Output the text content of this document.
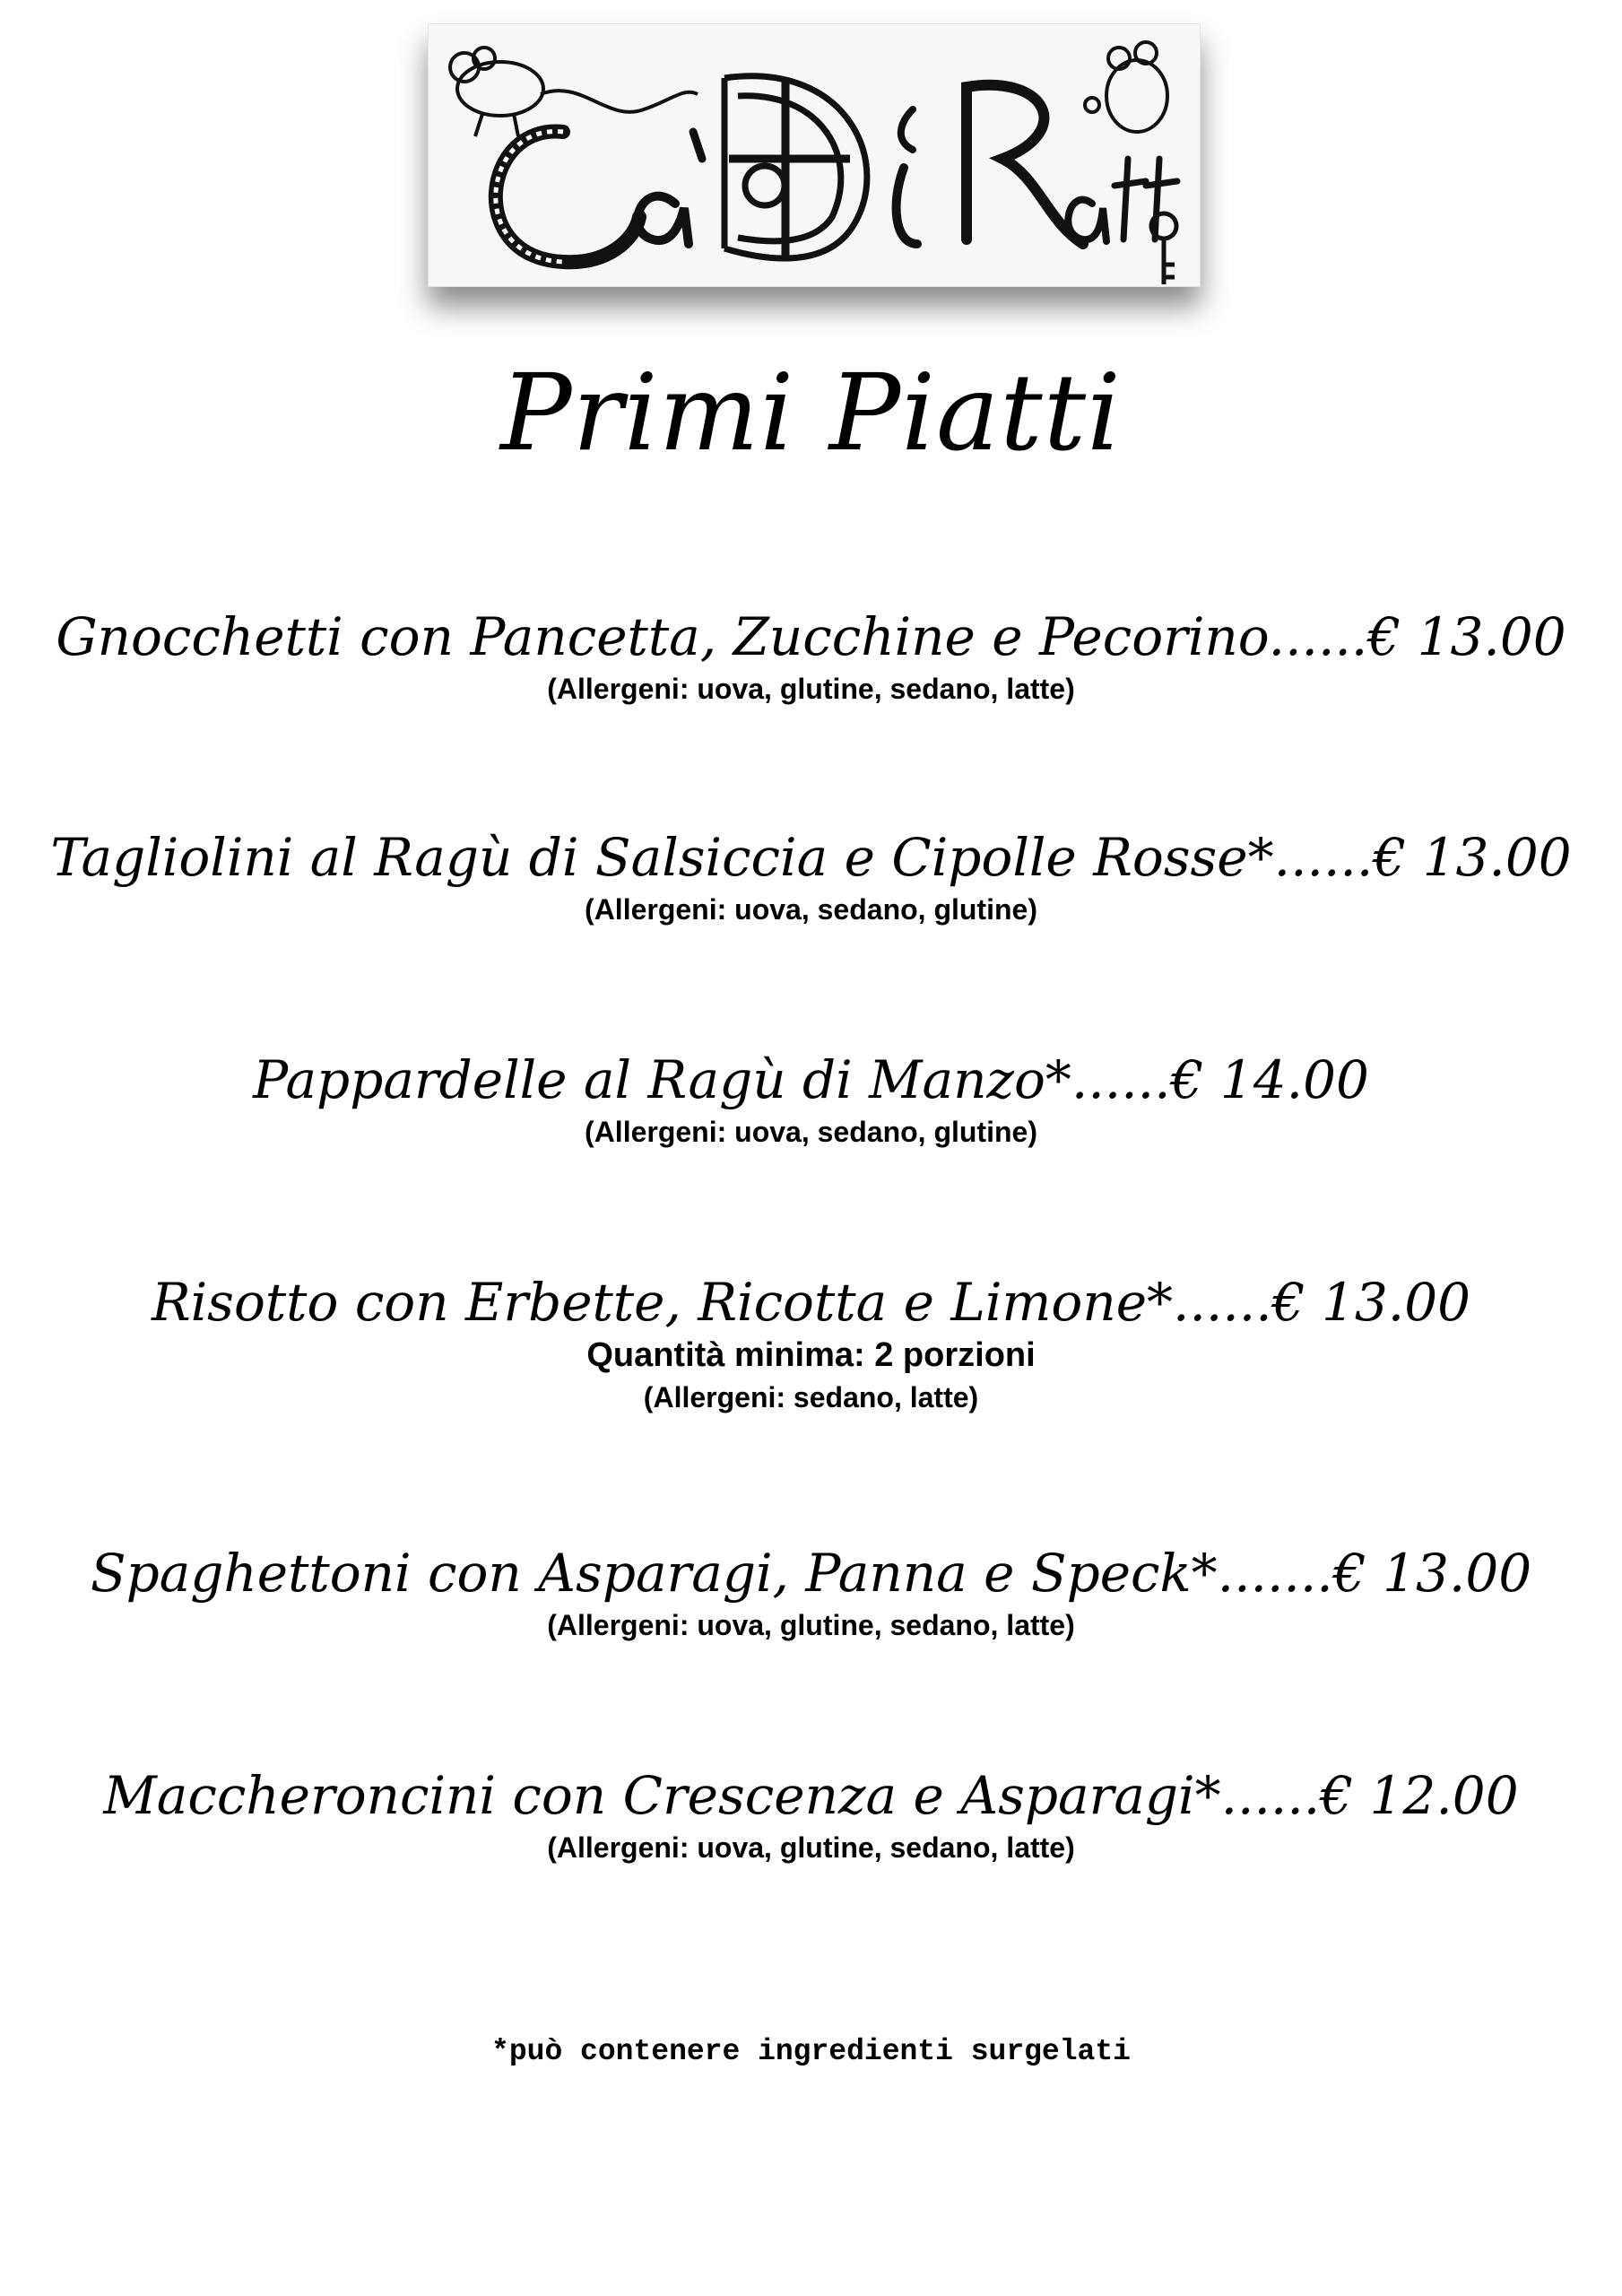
Primi Piatti
Gnocchetti con Pancetta, Zucchine e Pecorino......€ 13.00
(Allergeni: uova, glutine, sedano, latte)
Tagliolini al Ragù di Salsiccia e Cipolle Rosse*......€ 13.00
(Allergeni: uova, sedano, glutine)
Pappardelle al Ragù di Manzo*......€ 14.00
(Allergeni: uova, sedano, glutine)
Risotto con Erbette, Ricotta e Limone*......€ 13.00
Quantità minima: 2 porzioni
(Allergeni: sedano, latte)
Spaghettoni con Asparagi, Panna e Speck*.......€ 13.00
(Allergeni: uova, glutine, sedano, latte)
Maccheroncini con Crescenza e Asparagi*......€ 12.00
(Allergeni: uova, glutine, sedano, latte)
*può contenere ingredienti surgelati
